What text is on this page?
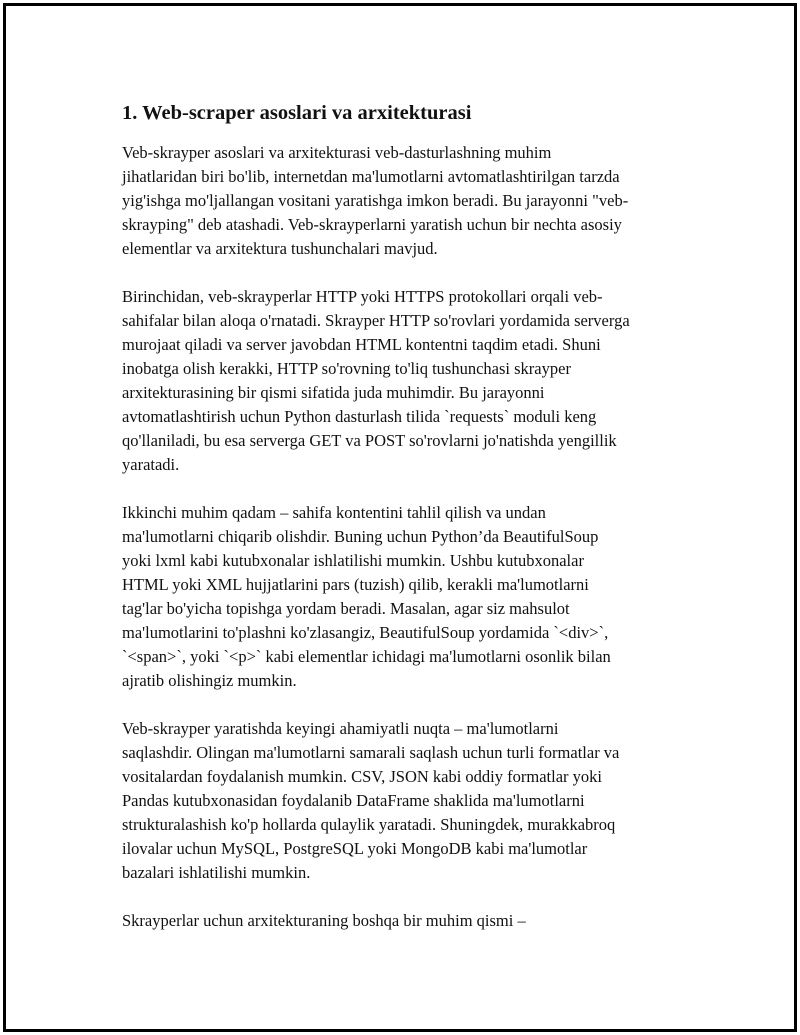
1. Web-scraper asoslari va arxitekturasi

Veb-skrayper asoslari va arxitekturasi veb-dasturlashning muhim
jihatlaridan biri bo'lib, internetdan ma'lumotlarni avtomatlashtirilgan tarzda
yig'ishga mo'ljallangan vositani yaratishga imkon beradi. Bu jarayonni "veb-
skrayping" deb atashadi. Veb-skrayperlarni yaratish uchun bir nechta asosiy
elementlar va arxitektura tushunchalari mavjud.

Birinchidan, veb-skrayperlar HTTP yoki HTTPS protokollari orqali veb-
sahifalar bilan aloqa o'rnatadi. Skrayper HTTP so'rovlari yordamida serverga
murojaat qiladi va server javobdan HTML kontentni taqdim etadi. Shuni
inobatga olish kerakki, HTTP so'rovning to'liq tushunchasi skrayper
arxitekturasining bir qismi sifatida juda muhimdir. Bu jarayonni
avtomatlashtirish uchun Python dasturlash tilida `requests` moduli keng
qo'llaniladi, bu esa serverga GET va POST so'rovlarni jo'natishda yengillik
yaratadi.

Ikkinchi muhim qadam – sahifa kontentini tahlil qilish va undan
ma'lumotlarni chiqarib olishdir. Buning uchun Python’da BeautifulSoup
yoki lxml kabi kutubxonalar ishlatilishi mumkin. Ushbu kutubxonalar
HTML yoki XML hujjatlarini pars (tuzish) qilib, kerakli ma'lumotlarni
tag'lar bo'yicha topishga yordam beradi. Masalan, agar siz mahsulot
ma'lumotlarini to'plashni ko'zlasangiz, BeautifulSoup yordamida `<div>`,
`<span>`, yoki `<p>` kabi elementlar ichidagi ma'lumotlarni osonlik bilan
ajratib olishingiz mumkin.

Veb-skrayper yaratishda keyingi ahamiyatli nuqta – ma'lumotlarni
saqlashdir. Olingan ma'lumotlarni samarali saqlash uchun turli formatlar va
vositalardan foydalanish mumkin. CSV, JSON kabi oddiy formatlar yoki
Pandas kutubxonasidan foydalanib DataFrame shaklida ma'lumotlarni
strukturalashish ko'p hollarda qulaylik yaratadi. Shuningdek, murakkabroq
ilovalar uchun MySQL, PostgreSQL yoki MongoDB kabi ma'lumotlar
bazalari ishlatilishi mumkin.

Skrayperlar uchun arxitekturaning boshqa bir muhim qismi –
